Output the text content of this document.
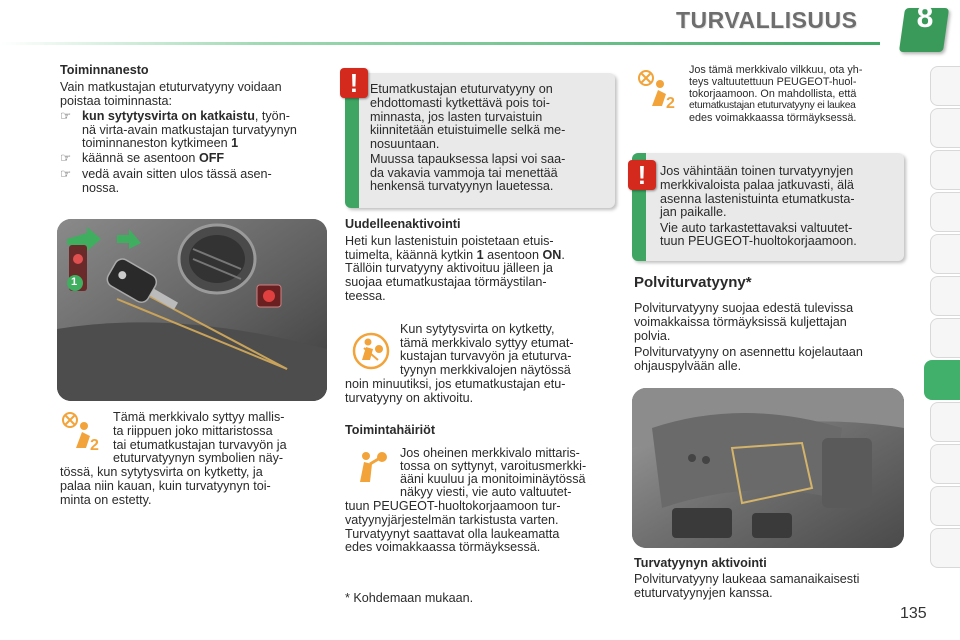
TURVALLISUUS 8
Toiminnanesto
Vain matkustajan etuturvatyyny voidaan
poistaa toiminnasta:
☞ kun sytytysvirta on katkaistu, työn-
nä virta-avain matkustajan turvatyynyn
toiminnaneston kytkimeen 1
☞ käännä se asentoon OFF
☞ vedä avain sitten ulos tässä asen-
nossa.
1
2
Tämä merkkivalo syttyy mallis-
ta riippuen joko mittaristossa
tai etumatkustajan turvavyön ja
etuturvatyynyn symbolien näy-
tössä, kun sytytysvirta on kytketty, ja
palaa niin kauan, kuin turvatyynyn toi-
minta on estetty.
! Etumatkustajan etuturvatyyny on
ehdottomasti kytkettävä pois toi-
minnasta, jos lasten turvaistuin
kiinnitetään etuistuimelle selkä me-
nosuuntaan.
Muussa tapauksessa lapsi voi saa-
da vakavia vammoja tai menettää
henkensä turvatyynyn lauetessa.
Uudelleenaktivointi
Heti kun lastenistuin poistetaan etuis-
tuimelta, käännä kytkin 1 asentoon ON.
Tällöin turvatyyny aktivoituu jälleen ja
suojaa etumatkustajaa törmäystilan-
teessa.
Kun sytytysvirta on kytketty,
tämä merkkivalo syttyy etumat-
kustajan turvavyön ja etuturva-
tyynyn merkkivalojen näytössä
noin minuutiksi, jos etumatkustajan etu-
turvatyyny on aktivoitu.
Toimintahäiriöt
Jos oheinen merkkivalo mittaris-
tossa on syttynyt, varoitusmerkki-
ääni kuuluu ja monitoiminäytössä
näkyy viesti, vie auto valtuutet-
tuun PEUGEOT-huoltokorjaamoon tur-
vatyynyjärjestelmän tarkistusta varten.
Turvatyynyt saattavat olla laukeamatta
edes voimakkaassa törmäyksessä.
* Kohdemaan mukaan.
2
Jos tämä merkkivalo vilkkuu, ota yh-
teys valtuutettuun PEUGEOT-huol-
tokorjaamoon. On mahdollista, että
etumatkustajan etuturvatyyny ei laukea
edes voimakkaassa törmäyksessä.
!	Jos vähintään toinen turvatyynyjen
merkkivaloista palaa jatkuvasti, älä
asenna lastenistuinta etumatkusta-
jan paikalle.
Vie auto tarkastettavaksi valtuutet-
tuun PEUGEOT-huoltokorjaamoon.
Polviturvatyyny*
Polviturvatyyny suojaa edestä tulevissa
voimakkaissa törmäyksissä kuljettajan
polvia.
Polviturvatyyny on asennettu kojelautaan
ohjauspylvään alle.
Turvatyynyn aktivointi
Polviturvatyyny laukeaa samanaikaisesti
etuturvatyynyjen kanssa.
135
